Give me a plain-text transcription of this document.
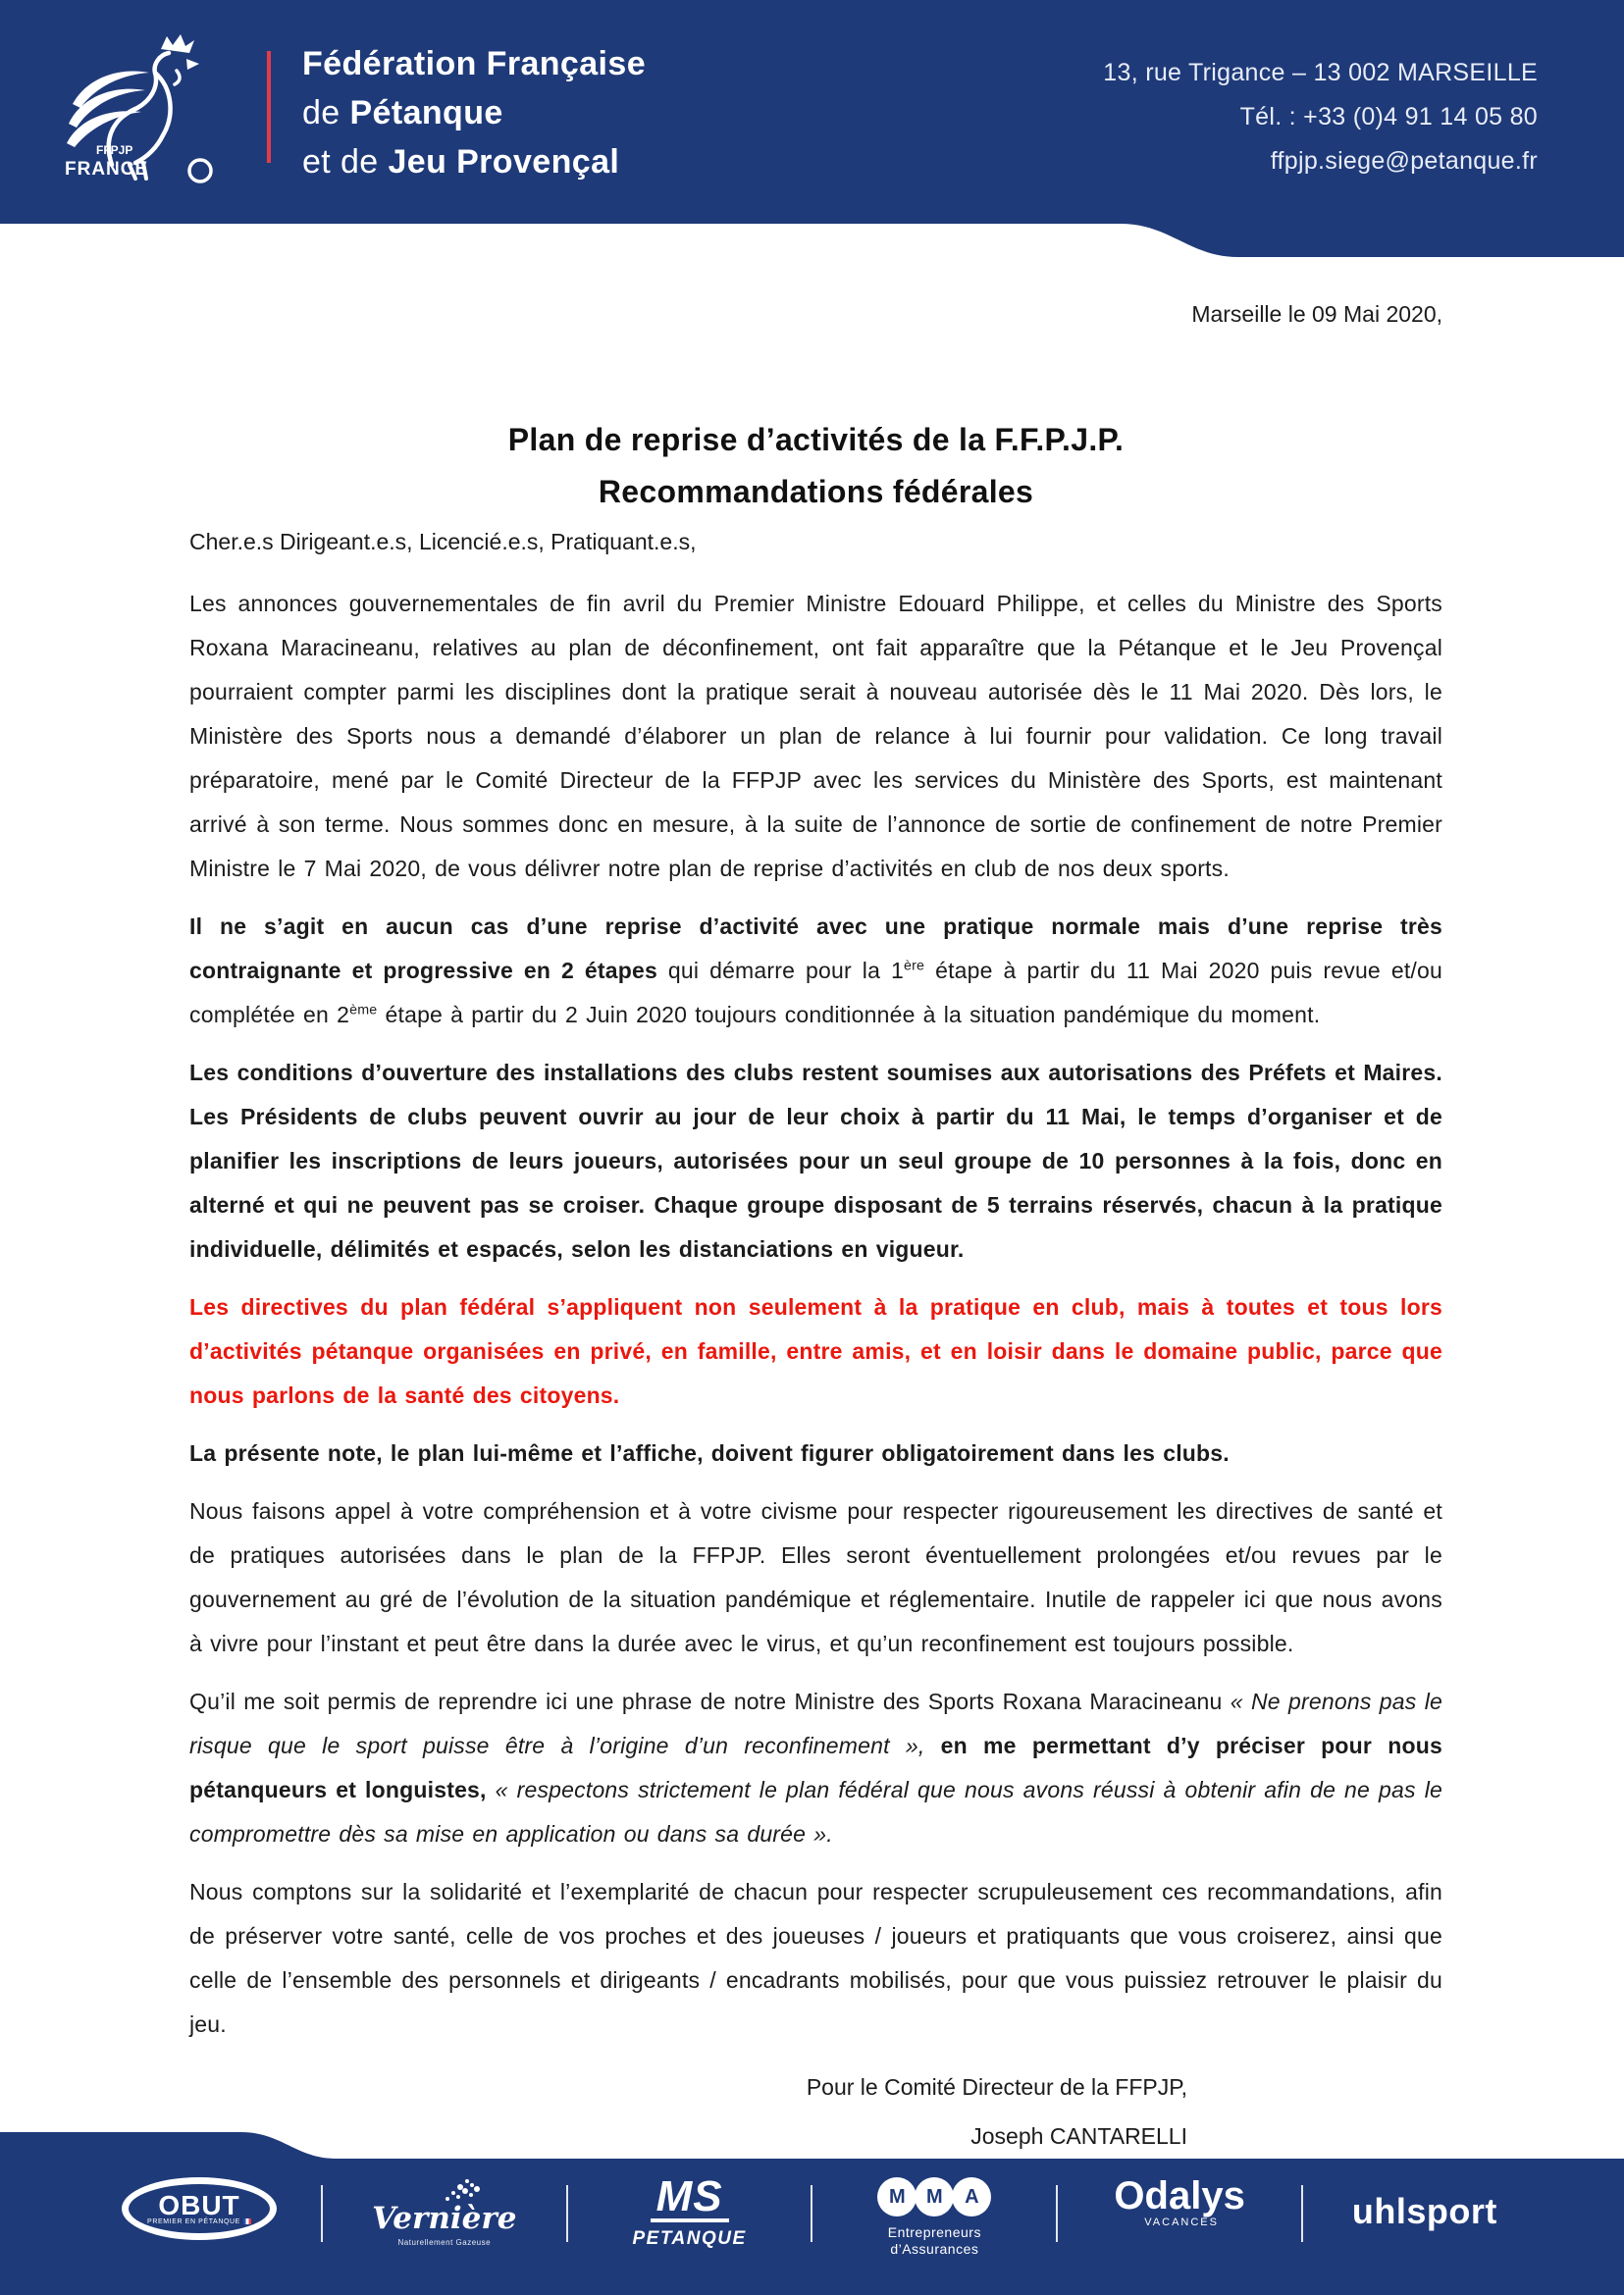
FFPJP
FRANCE
Fédération Française
de Pétanque
et de Jeu Provençal
13, rue Trigance – 13 002 MARSEILLE
Tél. : +33 (0)4 91 14 05 80
ffpjp.siege@petanque.fr
Marseille le 09 Mai 2020,
Plan de reprise d’activités de la F.F.P.J.P.
Recommandations fédérales
Cher.e.s Dirigeant.e.s, Licencié.e.s, Pratiquant.e.s,

Les annonces gouvernementales de fin avril du Premier Ministre Edouard Philippe, et celles du Ministre des Sports Roxana Maracineanu, relatives au plan de déconfinement, ont fait apparaître que la Pétanque et le Jeu Provençal pourraient compter parmi les disciplines dont la pratique serait à nouveau autorisée dès le 11 Mai 2020. Dès lors, le Ministère des Sports nous a demandé d’élaborer un plan de relance à lui fournir pour validation. Ce long travail préparatoire, mené par le Comité Directeur de la FFPJP avec les services du Ministère des Sports, est maintenant arrivé à son terme. Nous sommes donc en mesure, à la suite de l’annonce de sortie de confinement de notre Premier Ministre le 7 Mai 2020, de vous délivrer notre plan de reprise d’activités en club de nos deux sports.

Il ne s’agit en aucun cas d’une reprise d’activité avec une pratique normale mais d’une reprise très contraignante et progressive en 2 étapes qui démarre pour la 1ère étape à partir du 11 Mai 2020 puis revue et/ou complétée en 2ème étape à partir du 2 Juin 2020 toujours conditionnée à la situation pandémique du moment.

Les conditions d’ouverture des installations des clubs restent soumises aux autorisations des Préfets et Maires. Les Présidents de clubs peuvent ouvrir au jour de leur choix à partir du 11 Mai, le temps d’organiser et de planifier les inscriptions de leurs joueurs, autorisées pour un seul groupe de 10 personnes à la fois, donc en alterné et qui ne peuvent pas se croiser. Chaque groupe disposant de 5 terrains réservés, chacun à la pratique individuelle, délimités et espacés, selon les distanciations en vigueur.

Les directives du plan fédéral s’appliquent non seulement à la pratique en club, mais à toutes et tous lors d’activités pétanque organisées en privé, en famille, entre amis, et en loisir dans le domaine public, parce que nous parlons de la santé des citoyens.

La présente note, le plan lui-même et l’affiche, doivent figurer obligatoirement dans les clubs.

Nous faisons appel à votre compréhension et à votre civisme pour respecter rigoureusement les directives de santé et de pratiques autorisées dans le plan de la FFPJP. Elles seront éventuellement prolongées et/ou revues par le gouvernement au gré de l’évolution de la situation pandémique et réglementaire. Inutile de rappeler ici que nous avons à vivre pour l’instant et peut être dans la durée avec le virus, et qu’un reconfinement est toujours possible.

Qu’il me soit permis de reprendre ici une phrase de notre Ministre des Sports Roxana Maracineanu « Ne prenons pas le risque que le sport puisse être à l’origine d’un reconfinement », en me permettant d’y préciser pour nous pétanqueurs et longuistes, « respectons strictement le plan fédéral que nous avons réussi à obtenir afin de ne pas le compromettre dès sa mise en application ou dans sa durée ».

Nous comptons sur la solidarité et l’exemplarité de chacun pour respecter scrupuleusement ces recommandations, afin de préserver votre santé, celle de vos proches et des joueuses / joueurs et pratiquants que vous croiserez, ainsi que celle de l’ensemble des personnels et dirigeants / encadrants mobilisés, pour que vous puissiez retrouver le plaisir du jeu.

Pour le Comité Directeur de la FFPJP,
Joseph CANTARELLI
OBUT
PREMIER EN PÉTANQUE	Vernière
Naturellement Gazeuse
MS
PETANQUE
M	M	A
Entrepreneurs
d’Assurances
Odalys
VACANCES	uhlsport
